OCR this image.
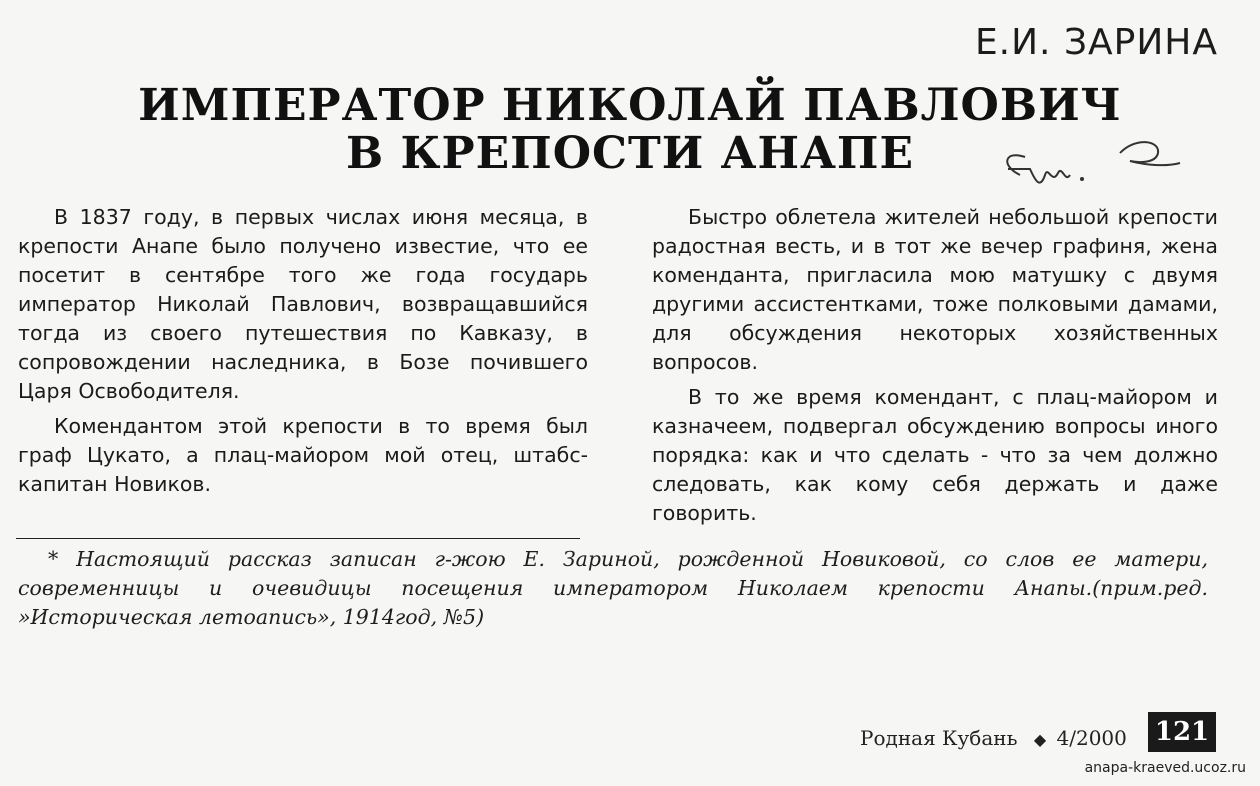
Е.И. ЗАРИНА
ИМПЕРАТОР НИКОЛАЙ ПАВЛОВИЧ
В КРЕПОСТИ АНАПЕ

В 1837 году, в первых числах июня месяца, в крепости Анапе было получено известие, что ее посетит в сентябре того же года государь император Николай Павлович, возвращавшийся тогда из своего путешествия по Кавказу, в сопровождении наследника, в Бозе почившего Царя Освободителя.

Комендантом этой крепости в то время был граф Цукато, а плац-майором мой отец, штабс-капитан Новиков.

Быстро облетела жителей небольшой крепости радостная весть, и в тот же вечер графиня, жена коменданта, пригласила мою матушку с двумя другими ассистентками, тоже полковыми дамами, для обсуждения некоторых хозяйственных вопросов.

В то же время комендант, с плац-майором и казначеем, подвергал обсуждению вопросы иного порядка: как и что сделать - что за чем должно следовать, как кому себя держать и даже говорить.

* Настоящий рассказ записан г-жою Е. Зариной, рожденной Новиковой, со слов ее матери, современницы и очевидицы посещения императором Николаем крепости Анапы.(прим.ред. »Историческая летоапись», 1914год, №5)

Родная Кубань ◆ 4/2000 121
anapa-kraeved.ucoz.ru
